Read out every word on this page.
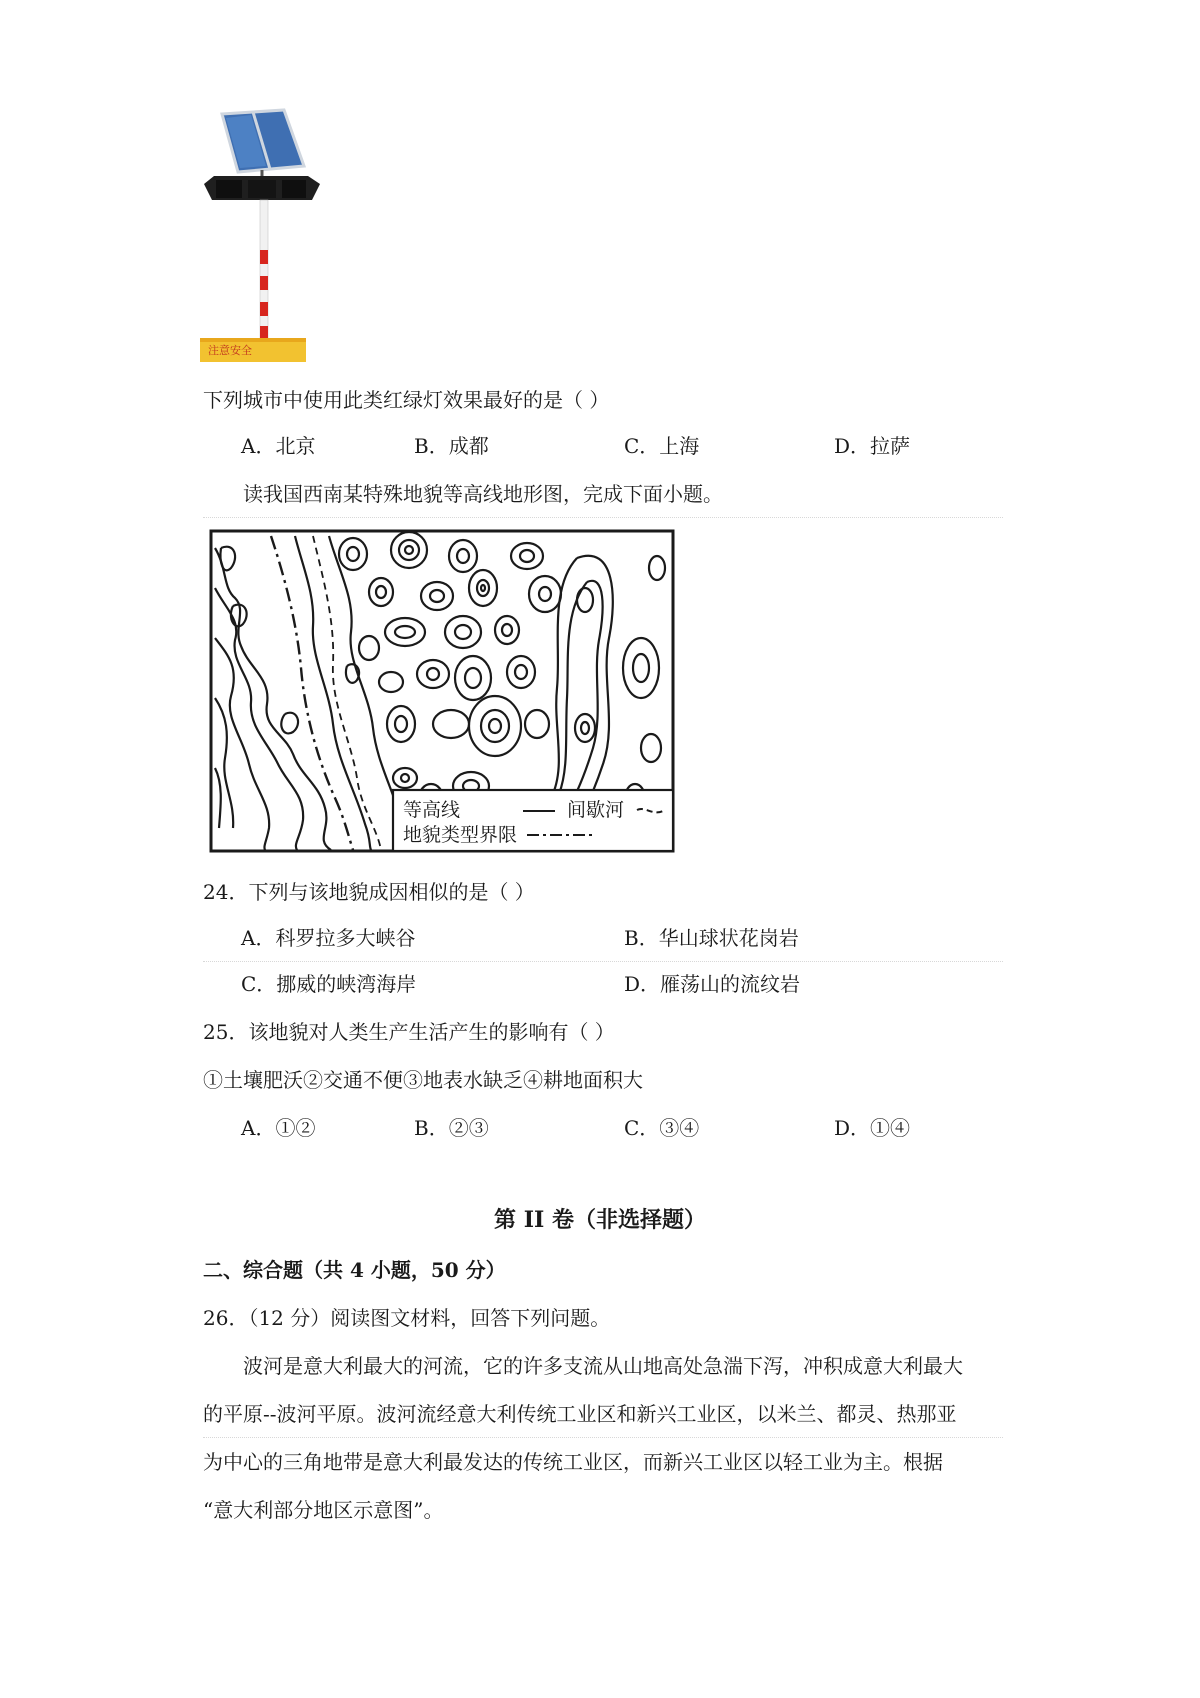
注意安全
下列城市中使用此类红绿灯效果最好的是（ ）
A．北京	B．成都	C．上海	D．拉萨
读我国西南某特殊地貌等高线地形图，完成下面小题。
等高线	间歇河
地貌类型界限
24．下列与该地貌成因相似的是（ ）
A．科罗拉多大峡谷	B．华山球状花岗岩
C．挪威的峡湾海岸	D．雁荡山的流纹岩
25．该地貌对人类生产生活产生的影响有（ ）
①土壤肥沃②交通不便③地表水缺乏④耕地面积大
A．①②	B．②③	C．③④	D．①④
第 II 卷（非选择题）
二、综合题（共 4 小题，50 分）
26．（12 分）阅读图文材料，回答下列问题。
波河是意大利最大的河流，它的许多支流从山地高处急湍下泻，冲积成意大利最大
的平原--波河平原。波河流经意大利传统工业区和新兴工业区，以米兰、都灵、热那亚
为中心的三角地带是意大利最发达的传统工业区，而新兴工业区以轻工业为主。根据
“意大利部分地区示意图”。
